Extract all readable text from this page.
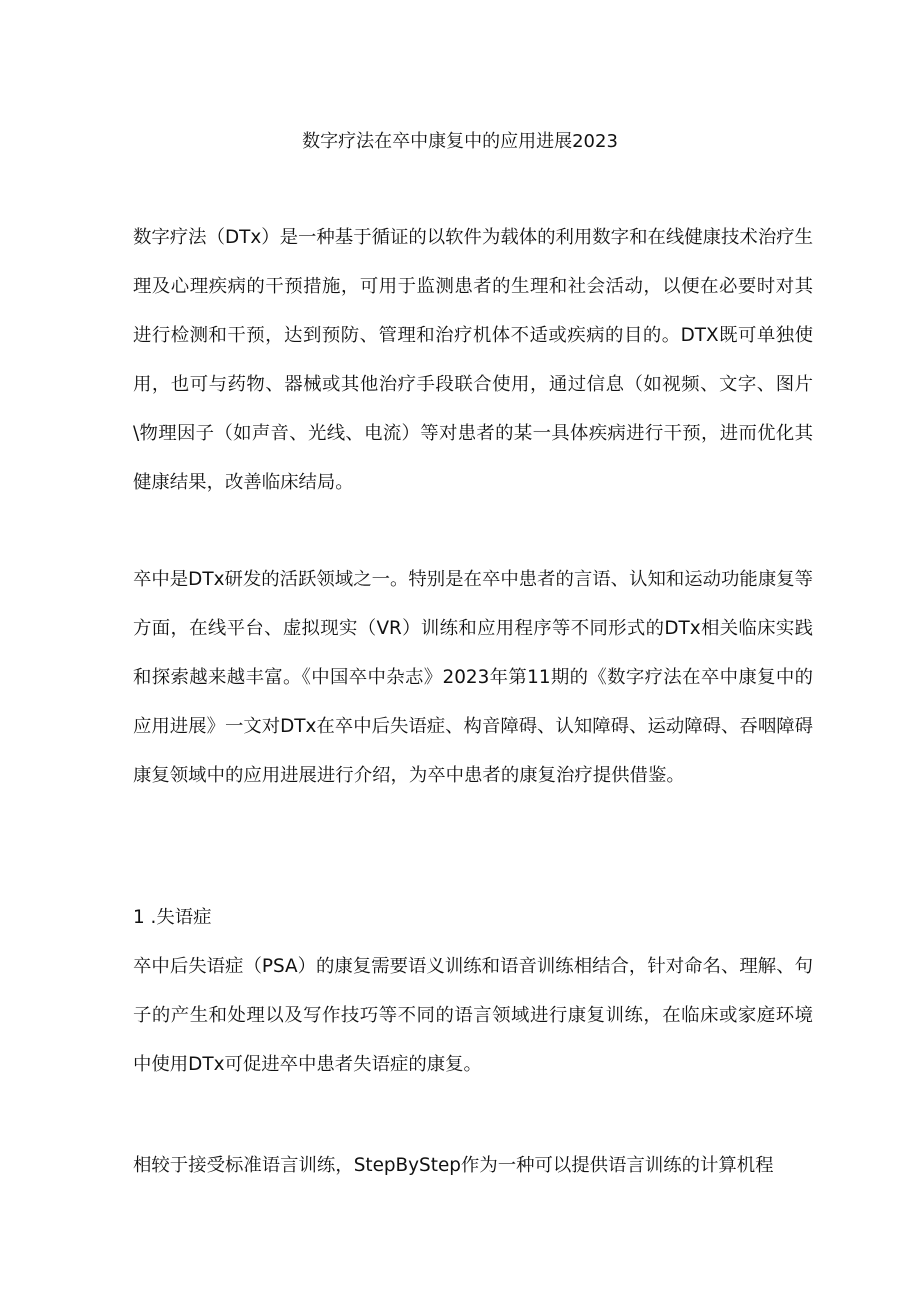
数字疗法在卒中康复中的应用进展2023

数字疗法（DTx）是一种基于循证的以软件为载体的利用数字和在线健康技术治疗生理及心理疾病的干预措施，可用于监测患者的生理和社会活动，以便在必要时对其进行检测和干预，达到预防、管理和治疗机体不适或疾病的目的。DTX既可单独使用，也可与药物、器械或其他治疗手段联合使用，通过信息（如视频、文字、图片\物理因子（如声音、光线、电流）等对患者的某一具体疾病进行干预，进而优化其健康结果，改善临床结局。

卒中是DTx研发的活跃领域之一。特别是在卒中患者的言语、认知和运动功能康复等方面，在线平台、虚拟现实（VR）训练和应用程序等不同形式的DTx相关临床实践和探索越来越丰富。《中国卒中杂志》2023年第11期的《数字疗法在卒中康复中的应用进展》一文对DTx在卒中后失语症、构音障碍、认知障碍、运动障碍、吞咽障碍康复领域中的应用进展进行介绍，为卒中患者的康复治疗提供借鉴。

1 .失语症

卒中后失语症（PSA）的康复需要语义训练和语音训练相结合，针对命名、理解、句子的产生和处理以及写作技巧等不同的语言领域进行康复训练，在临床或家庭环境中使用DTx可促进卒中患者失语症的康复。

相较于接受标准语言训练，StepByStep作为一种可以提供语言训练的计算机程
